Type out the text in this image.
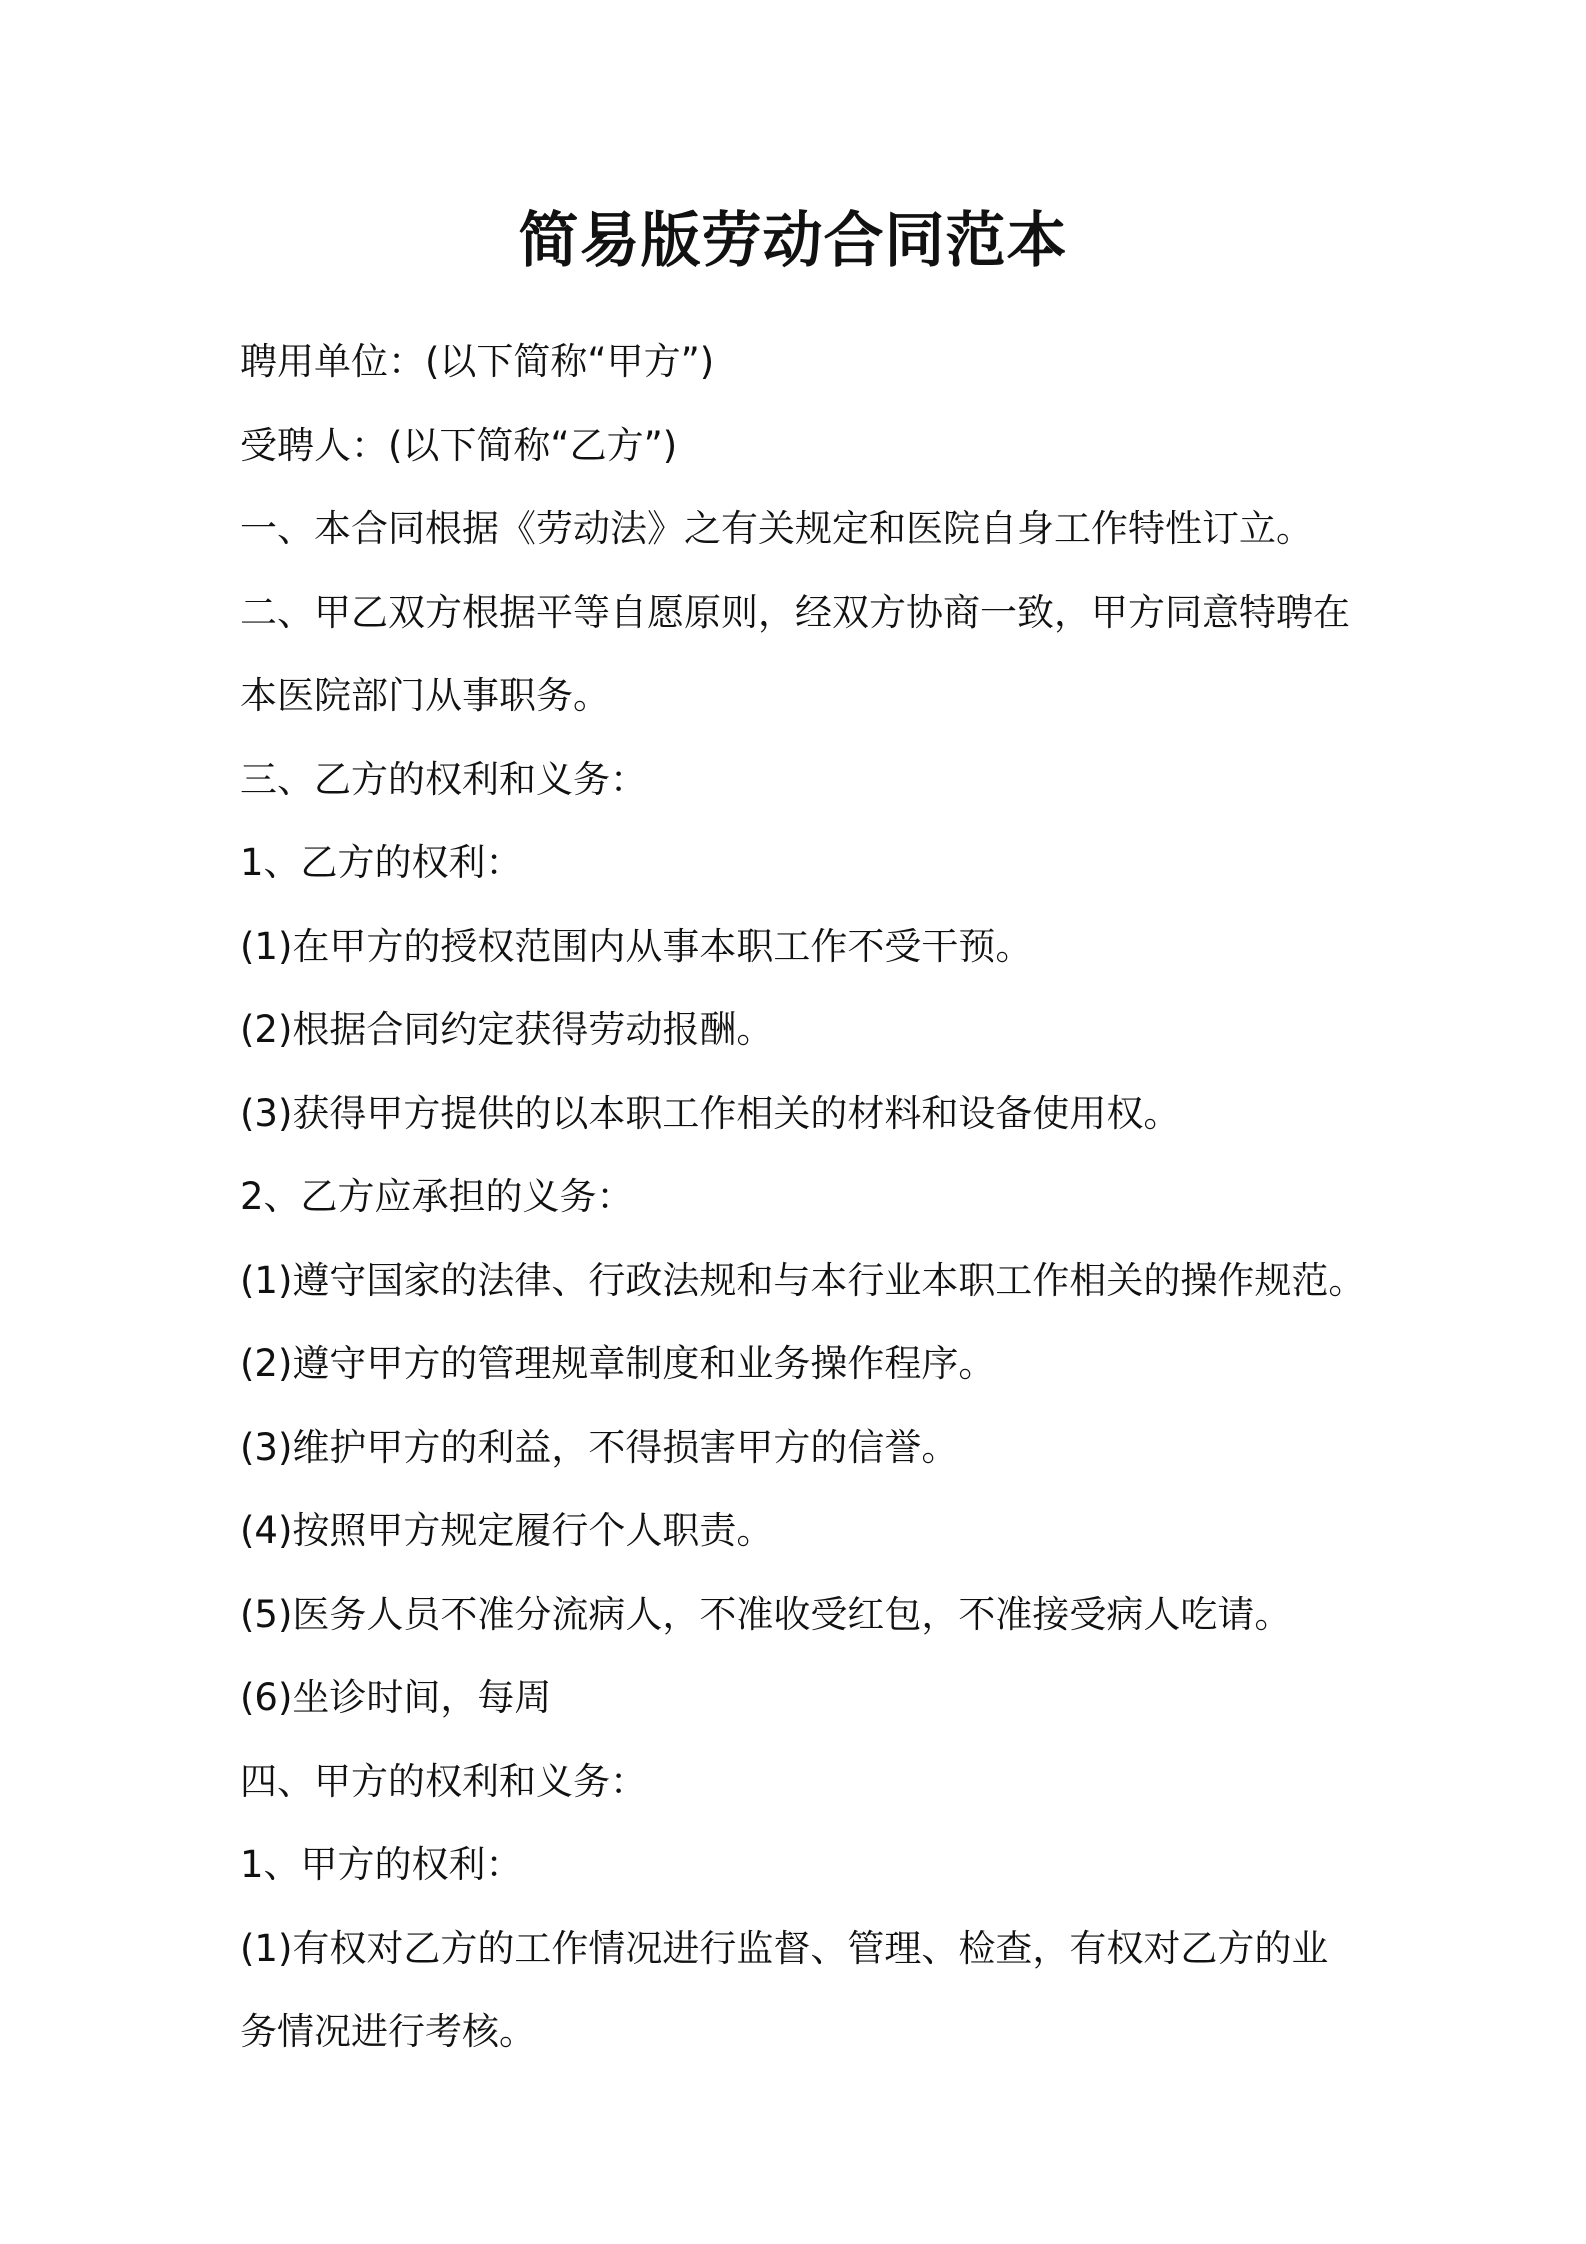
简易版劳动合同范本
聘用单位：(以下简称“甲方”)
受聘人：(以下简称“乙方”)
一、本合同根据《劳动法》之有关规定和医院自身工作特性订立。
二、甲乙双方根据平等自愿原则，经双方协商一致，甲方同意特聘在
本医院部门从事职务。
三、乙方的权利和义务：
1、乙方的权利：
(1)在甲方的授权范围内从事本职工作不受干预。
(2)根据合同约定获得劳动报酬。
(3)获得甲方提供的以本职工作相关的材料和设备使用权。
2、乙方应承担的义务：
(1)遵守国家的法律、行政法规和与本行业本职工作相关的操作规范。
(2)遵守甲方的管理规章制度和业务操作程序。
(3)维护甲方的利益，不得损害甲方的信誉。
(4)按照甲方规定履行个人职责。
(5)医务人员不准分流病人，不准收受红包，不准接受病人吃请。
(6)坐诊时间，每周
四、甲方的权利和义务：
1、甲方的权利：
(1)有权对乙方的工作情况进行监督、管理、检查，有权对乙方的业
务情况进行考核。
